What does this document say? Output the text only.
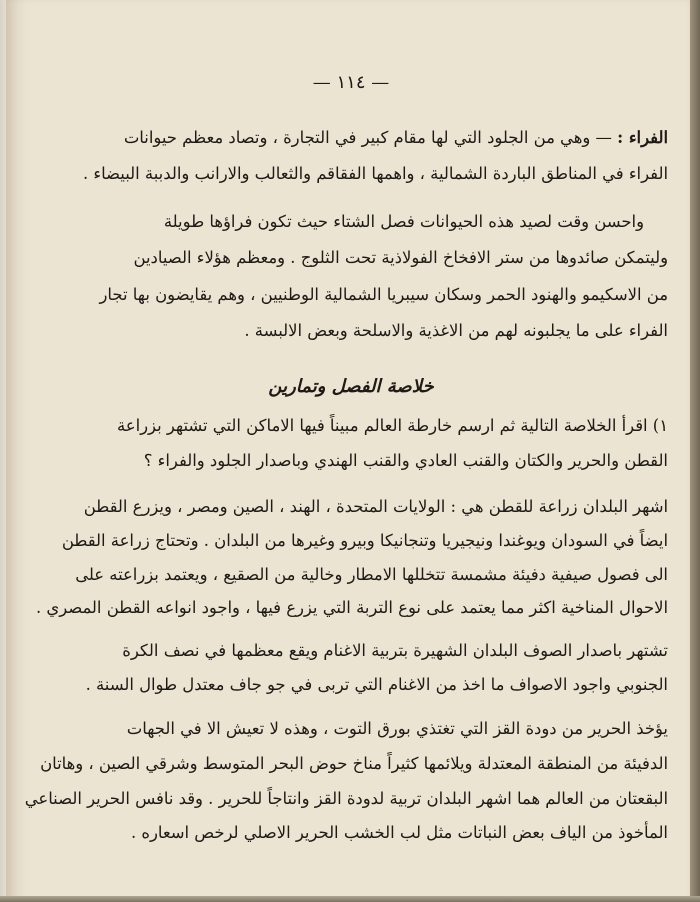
— ١١٤ —
الفراء : — وهي من الجلود التي لها مقام كبير في التجارة ، وتصاد معظم حيوانات
الفراء في المناطق الباردة الشمالية ، واهمها الفقاقم والثعالب والارانب والدببة البيضاء .
واحسن وقت لصيد هذه الحيوانات فصل الشتاء حيث تكون فراؤها طويلة
وليتمكن صائدوها من ستر الافخاخ الفولاذية تحت الثلوج . ومعظم هؤلاء الصيادين
من الاسكيمو والهنود الحمر وسكان سيبريا الشمالية الوطنيين ، وهم يقايضون بها تجار
الفراء على ما يجلبونه لهم من الاغذية والاسلحة وبعض الالبسة .
خلاصة الفصل وتمارين
١) اقرأ الخلاصة التالية ثم ارسم خارطة العالم مبيناً فيها الاماكن التي تشتهر بزراعة
القطن والحرير والكتان والقنب العادي والقنب الهندي وباصدار الجلود والفراء ؟
اشهر البلدان زراعة للقطن هي : الولايات المتحدة ، الهند ، الصين ومصر ، ويزرع القطن
ايضاً في السودان ويوغندا ونيجيريا وتنجانيكا وبيرو وغيرها من البلدان . وتحتاج زراعة القطن
الى فصول صيفية دفيئة مشمسة تتخللها الامطار وخالية من الصقيع ، ويعتمد بزراعته على
الاحوال المناخية اكثر مما يعتمد على نوع التربة التي يزرع فيها ، واجود انواعه القطن المصري .
تشتهر باصدار الصوف البلدان الشهيرة بتربية الاغنام ويقع معظمها في نصف الكرة
الجنوبي واجود الاصواف ما اخذ من الاغنام التي تربى في جو جاف معتدل طوال السنة .
يؤخذ الحرير من دودة القز التي تغتذي بورق التوت ، وهذه لا تعيش الا في الجهات
الدفيئة من المنطقة المعتدلة ويلائمها كثيراً مناخ حوض البحر المتوسط وشرقي الصين ، وهاتان
البقعتان من العالم هما اشهر البلدان تربية لدودة القز وانتاجاً للحرير . وقد نافس الحرير الصناعي
المأخوذ من الياف بعض النباتات مثل لب الخشب الحرير الاصلي لرخص اسعاره .
